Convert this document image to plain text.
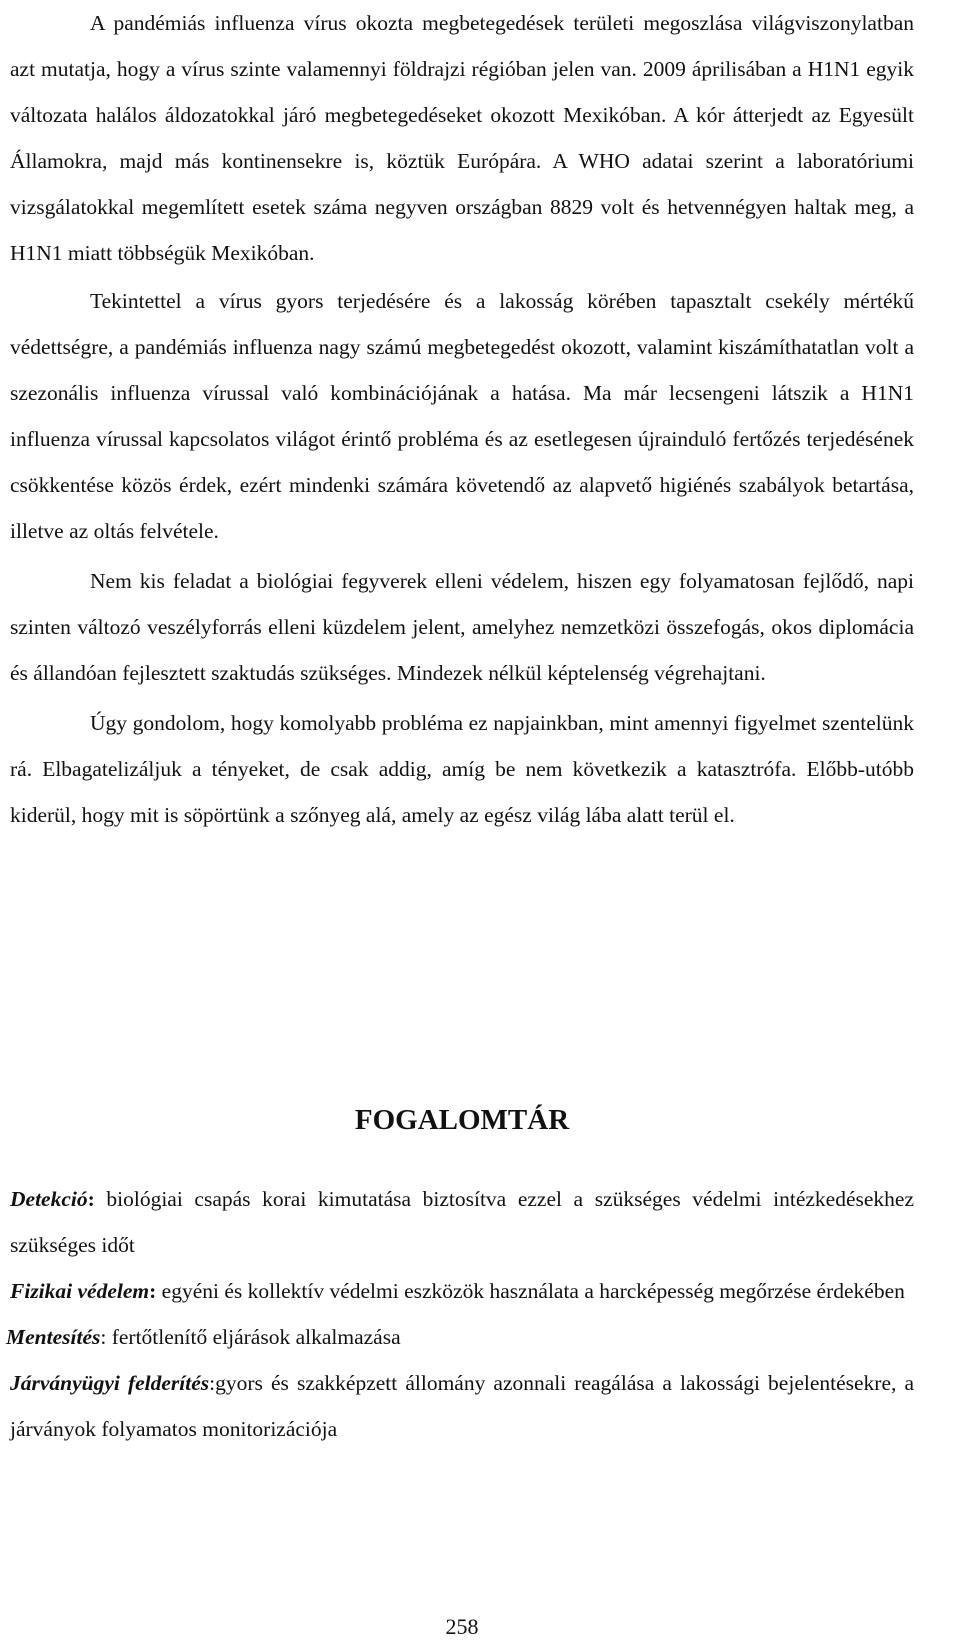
A pandémiás influenza vírus okozta megbetegedések területi megoszlása világviszonylatban azt mutatja, hogy a vírus szinte valamennyi földrajzi régióban jelen van. 2009 áprilisában a H1N1 egyik változata halálos áldozatokkal járó megbetegedéseket okozott Mexikóban. A kór átterjedt az Egyesült Államokra, majd más kontinensekre is, köztük Európára. A WHO adatai szerint a laboratóriumi vizsgálatokkal megemlített esetek száma negyven országban 8829 volt és hetvennégyen haltak meg, a H1N1 miatt többségük Mexikóban.

Tekintettel a vírus gyors terjedésére és a lakosság körében tapasztalt csekély mértékű védettségre, a pandémiás influenza nagy számú megbetegedést okozott, valamint kiszámíthatatlan volt a szezonális influenza vírussal való kombinációjának a hatása. Ma már lecsengeni látszik a H1N1 influenza vírussal kapcsolatos világot érintő probléma és az esetlegesen újrainduló fertőzés terjedésének csökkentése közös érdek, ezért mindenki számára követendő az alapvető higiénés szabályok betartása, illetve az oltás felvétele.

Nem kis feladat a biológiai fegyverek elleni védelem, hiszen egy folyamatosan fejlődő, napi szinten változó veszélyforrás elleni küzdelem jelent, amelyhez nemzetközi összefogás, okos diplomácia és állandóan fejlesztett szaktudás szükséges. Mindezek nélkül képtelenség végrehajtani.

Úgy gondolom, hogy komolyabb probléma ez napjainkban, mint amennyi figyelmet szentelünk rá. Elbagatelizáljuk a tényeket, de csak addig, amíg be nem következik a katasztrófa. Előbb-utóbb kiderül, hogy mit is söpörtünk a szőnyeg alá, amely az egész világ lába alatt terül el.

FOGALOMTÁR

Detekció: biológiai csapás korai kimutatása biztosítva ezzel a szükséges védelmi intézkedésekhez szükséges időt

Fizikai védelem: egyéni és kollektív védelmi eszközök használata a harcképesség megőrzése érdekében

Mentesítés: fertőtlenítő eljárások alkalmazása

Járványügyi felderítés:gyors és szakképzett állomány azonnali reagálása a lakossági bejelentésekre, a járványok folyamatos monitorizációja

258
